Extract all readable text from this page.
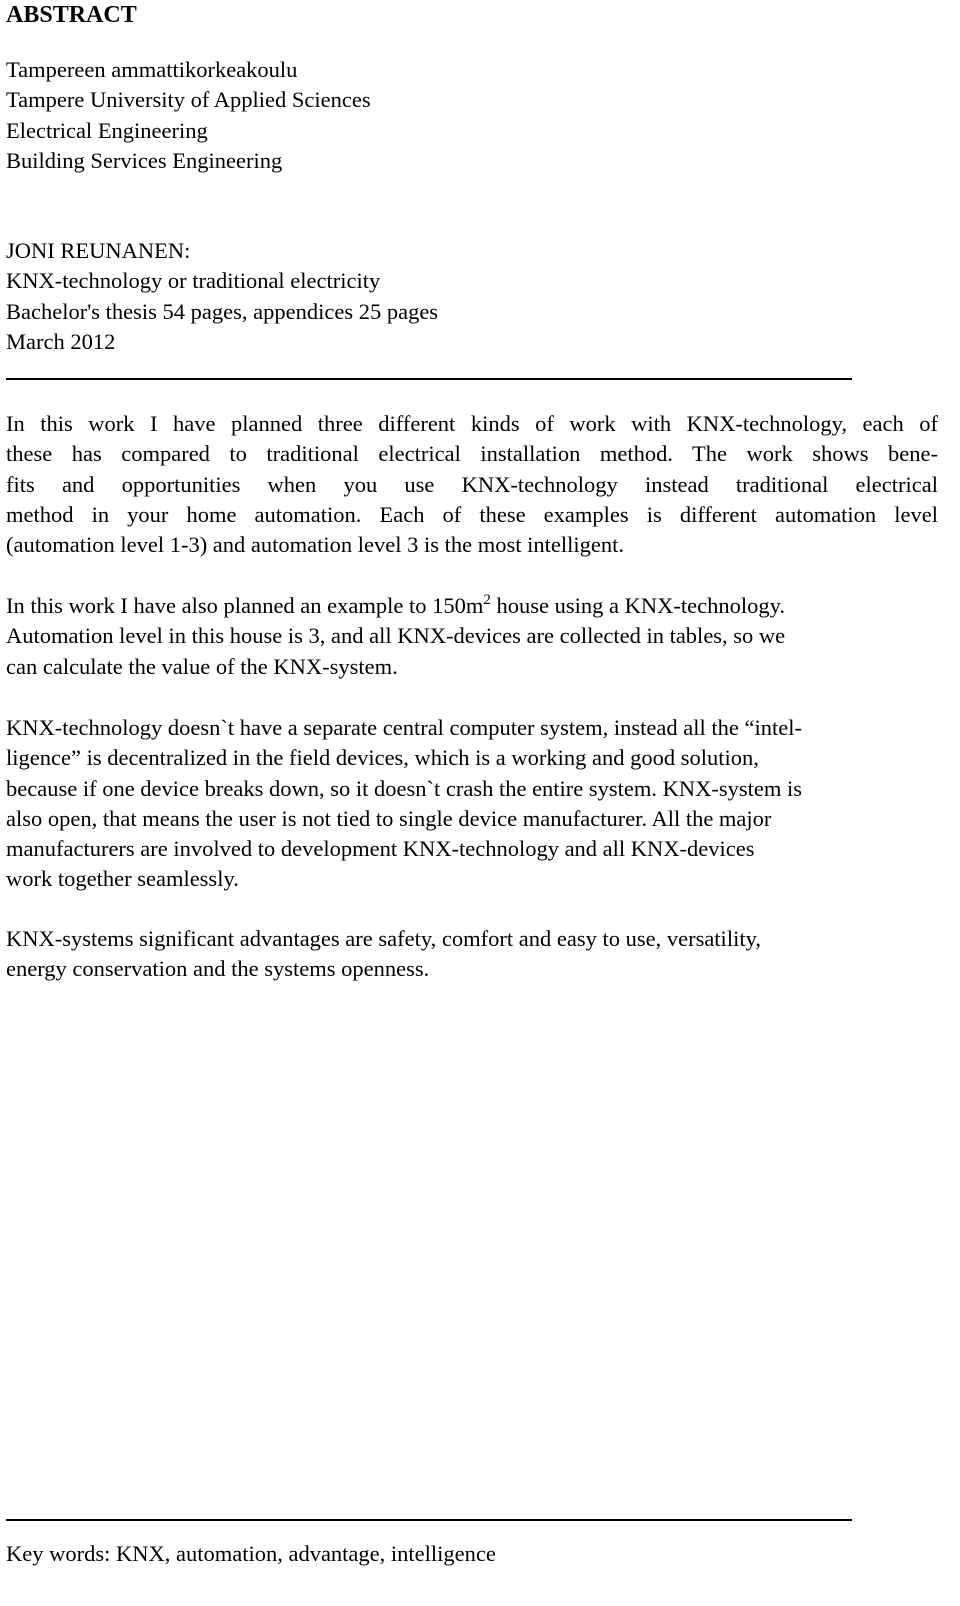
ABSTRACT
Tampereen ammattikorkeakoulu
Tampere University of Applied Sciences
Electrical Engineering
Building Services Engineering
JONI REUNANEN:
KNX-technology or traditional electricity
Bachelor's thesis 54 pages, appendices 25 pages
March 2012
In this work I have planned three different kinds of work with KNX-technology, each of
these has compared to traditional electrical installation method. The work shows bene-
fits and opportunities when you use KNX-technology instead traditional electrical
method in your home automation. Each of these examples is different automation level
(automation level 1-3) and automation level 3 is the most intelligent.
In this work I have also planned an example to $150m^2$ house using a KNX-technology.
Automation level in this house is 3, and all KNX-devices are collected in tables, so we
can calculate the value of the KNX-system.
KNX-technology doesn`t have a separate central computer system, instead all the “intel-
ligence” is decentralized in the field devices, which is a working and good solution,
because if one device breaks down, so it doesn`t crash the entire system. KNX-system is
also open, that means the user is not tied to single device manufacturer. All the major
manufacturers are involved to development KNX-technology and all KNX-devices
work together seamlessly.
KNX-systems significant advantages are safety, comfort and easy to use, versatility,
energy conservation and the systems openness.
Key words: KNX, automation, advantage, intelligence
